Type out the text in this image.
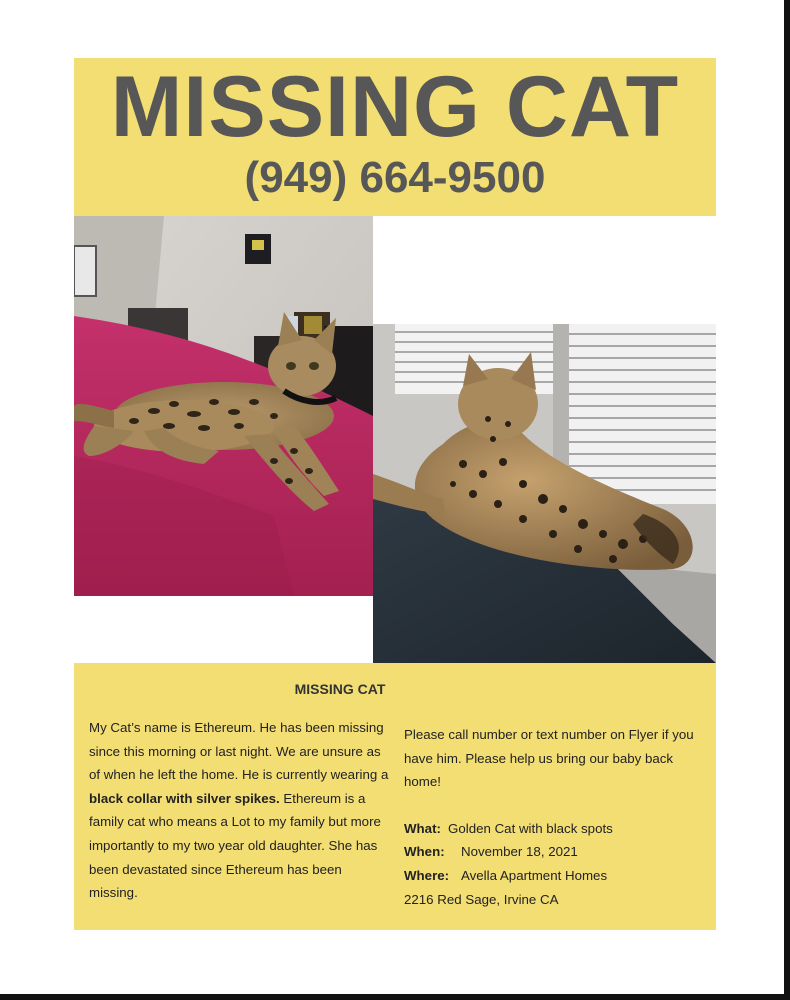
MISSING CAT
(949) 664-9500
MISSING CAT
My Cat’s name is Ethereum. He has been missing since this morning or last night. We are unsure as of when he left the home. He is currently wearing a black collar with silver spikes. Ethereum is a family cat who means a Lot to my family but more importantly to my two year old daughter. She has been devastated since Ethereum has been missing.
Please call number or text number on Flyer if you have him. Please help us bring our baby back home!
What: Golden Cat with black spots
When: November 18, 2021
Where: Avella Apartment Homes
2216 Red Sage, Irvine CA
